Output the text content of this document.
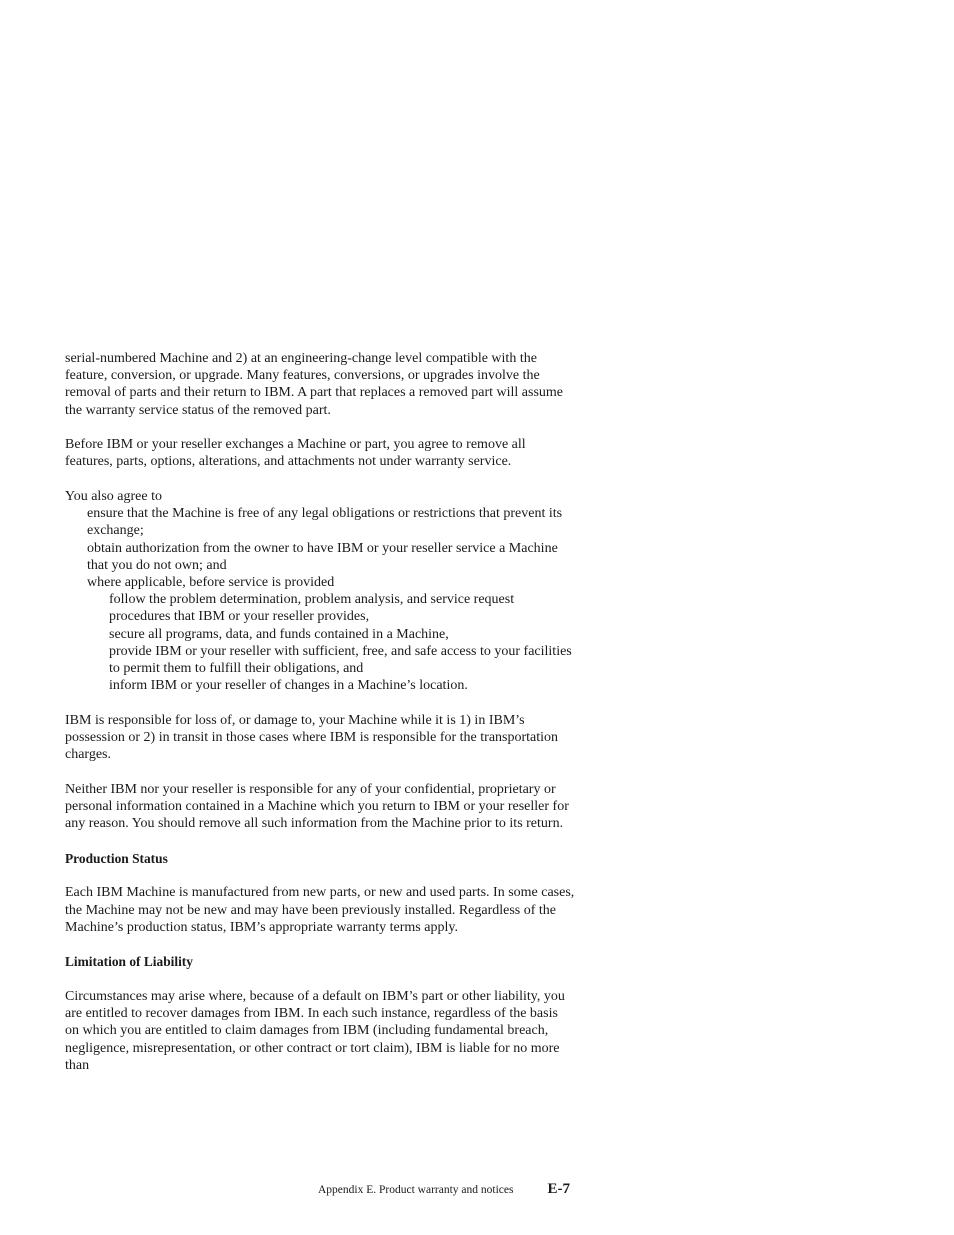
serial-numbered Machine and 2) at an engineering-change level compatible with the feature, conversion, or upgrade. Many features, conversions, or upgrades involve the removal of parts and their return to IBM. A part that replaces a removed part will assume the warranty service status of the removed part.

Before IBM or your reseller exchanges a Machine or part, you agree to remove all features, parts, options, alterations, and attachments not under warranty service.

You also agree to
ensure that the Machine is free of any legal obligations or restrictions that prevent its exchange;
obtain authorization from the owner to have IBM or your reseller service a Machine that you do not own; and
where applicable, before service is provided
follow the problem determination, problem analysis, and service request procedures that IBM or your reseller provides,
secure all programs, data, and funds contained in a Machine,
provide IBM or your reseller with sufficient, free, and safe access to your facilities to permit them to fulfill their obligations, and
inform IBM or your reseller of changes in a Machine’s location.

IBM is responsible for loss of, or damage to, your Machine while it is 1) in IBM’s possession or 2) in transit in those cases where IBM is responsible for the transportation charges.

Neither IBM nor your reseller is responsible for any of your confidential, proprietary or personal information contained in a Machine which you return to IBM or your reseller for any reason. You should remove all such information from the Machine prior to its return.

Production Status

Each IBM Machine is manufactured from new parts, or new and used parts. In some cases, the Machine may not be new and may have been previously installed. Regardless of the Machine’s production status, IBM’s appropriate warranty terms apply.

Limitation of Liability

Circumstances may arise where, because of a default on IBM’s part or other liability, you are entitled to recover damages from IBM. In each such instance, regardless of the basis on which you are entitled to claim damages from IBM (including fundamental breach, negligence, misrepresentation, or other contract or tort claim), IBM is liable for no more than

Appendix E. Product warranty and notices E-7
